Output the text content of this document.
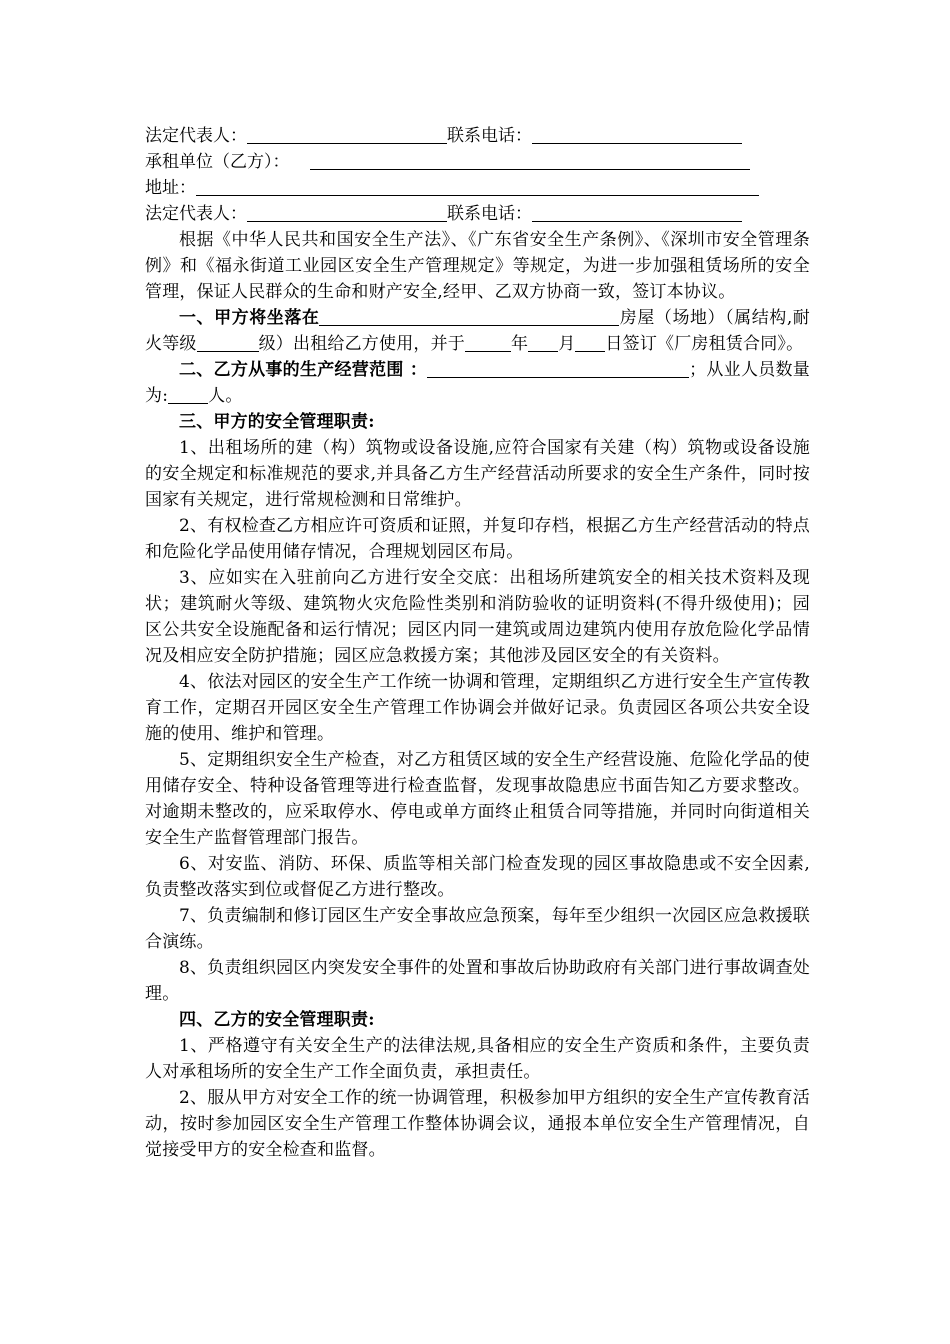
法定代表人：	联系电话：
承租单位（乙方）：
地址：
法定代表人：	联系电话：

根据《中华人民共和国安全生产法》、《广东省安全生产条例》、《深圳市安全管理条例》和《福永街道工业园区安全生产管理规定》等规定，为进一步加强租赁场所的安全管理，保证人民群众的生命和财产安全,经甲、乙双方协商一致，签订本协议。

一、甲方将坐落在	房屋（场地）（属结构,耐火等级	级）出租给乙方使用，并于	年 月 日签订《厂房租赁合同》。

二、乙方从事的生产经营范围 ：	；从业人员数量为: 人。

三、甲方的安全管理职责:

1、出租场所的建（构）筑物或设备设施,应符合国家有关建（构）筑物或设备设施的安全规定和标准规范的要求,并具备乙方生产经营活动所要求的安全生产条件，同时按国家有关规定，进行常规检测和日常维护。

2、有权检查乙方相应许可资质和证照，并复印存档，根据乙方生产经营活动的特点和危险化学品使用储存情况，合理规划园区布局。

3、应如实在入驻前向乙方进行安全交底：出租场所建筑安全的相关技术资料及现状；建筑耐火等级、建筑物火灾危险性类别和消防验收的证明资料(不得升级使用)；园区公共安全设施配备和运行情况；园区内同一建筑或周边建筑内使用存放危险化学品情况及相应安全防护措施；园区应急救援方案；其他涉及园区安全的有关资料。

4、依法对园区的安全生产工作统一协调和管理，定期组织乙方进行安全生产宣传教育工作，定期召开园区安全生产管理工作协调会并做好记录。负责园区各项公共安全设施的使用、维护和管理。

5、定期组织安全生产检查，对乙方租赁区域的安全生产经营设施、危险化学品的使用储存安全、特种设备管理等进行检查监督，发现事故隐患应书面告知乙方要求整改。对逾期未整改的，应采取停水、停电或单方面终止租赁合同等措施，并同时向街道相关安全生产监督管理部门报告。

6、对安监、消防、环保、质监等相关部门检查发现的园区事故隐患或不安全因素,负责整改落实到位或督促乙方进行整改。

7、负责编制和修订园区生产安全事故应急预案，每年至少组织一次园区应急救援联合演练。

8、负责组织园区内突发安全事件的处置和事故后协助政府有关部门进行事故调查处理。

四、乙方的安全管理职责:

1、严格遵守有关安全生产的法律法规,具备相应的安全生产资质和条件，主要负责人对承租场所的安全生产工作全面负责，承担责任。

2、服从甲方对安全工作的统一协调管理，积极参加甲方组织的安全生产宣传教育活动，按时参加园区安全生产管理工作整体协调会议，通报本单位安全生产管理情况，自觉接受甲方的安全检查和监督。
